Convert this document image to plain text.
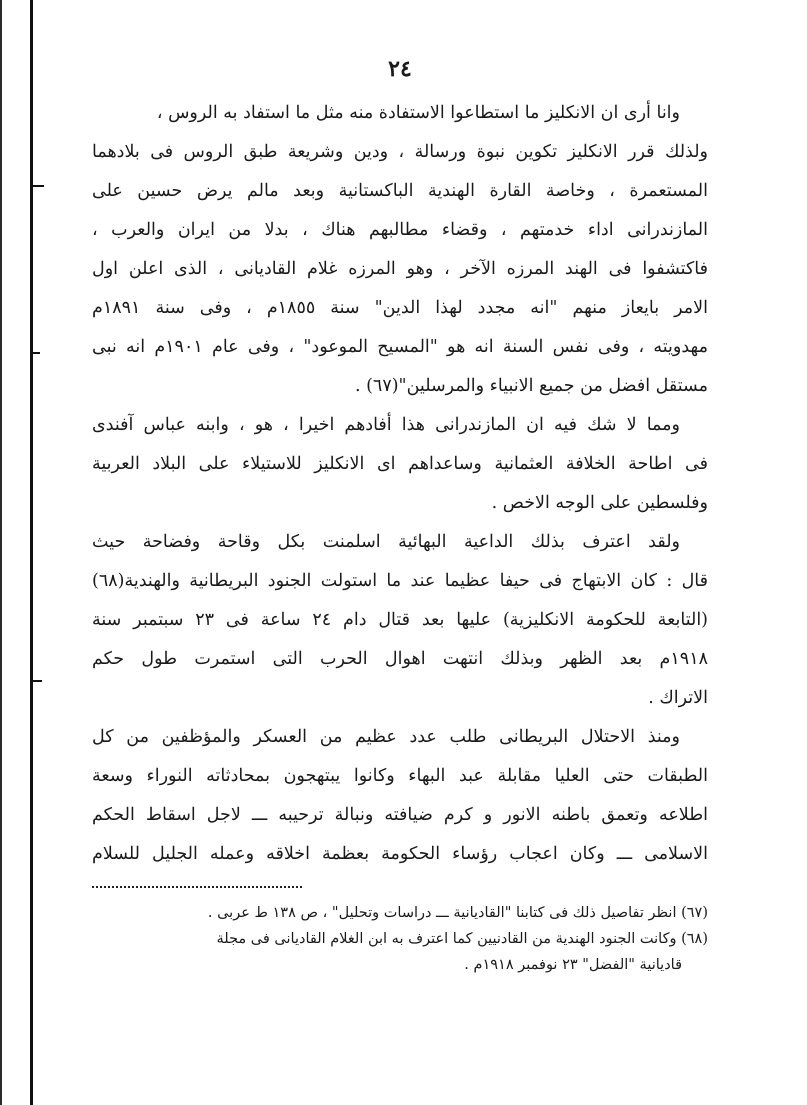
٢٤
وانا أرى ان الانكليز ما استطاعوا الاستفادة منه مثل ما استفاد به الروس ،
ولذلك قرر الانكليز تكوين نبوة ورسالة ، ودين وشريعة طبق الروس فى بلادهما
المستعمرة ، وخاصة القارة الهندية الباكستانية وبعد مالم يرض حسين على
المازندرانى اداء خدمتهم ، وقضاء مطالبهم هناك ، بدلا من ايران والعرب ،
فاكتشفوا فى الهند المرزه الآخر ، وهو المرزه غلام القاديانى ، الذى اعلن اول
الامر بايعاز منهم "انه مجدد لهذا الدين" سنة ١٨٥٥م ، وفى سنة ١٨٩١م
مهدويته ، وفى نفس السنة انه هو "المسيح الموعود" ، وفى عام ١٩٠١م انه نبى
مستقل افضل من جميع الانبياء والمرسلين"(٦٧) .
ومما لا شك فيه ان المازندرانى هذا أفادهم اخيرا ، هو ، وابنه عباس آفندى
فى اطاحة الخلافة العثمانية وساعداهم اى الانكليز للاستيلاء على البلاد العربية
وفلسطين على الوجه الاخص .
ولقد اعترف بذلك الداعية البهائية اسلمنت بكل وقاحة وفضاحة حيث
قال : كان الابتهاج فى حيفا عظيما عند ما استولت الجنود البريطانية والهندية(٦٨)
(التابعة للحكومة الانكليزية) عليها بعد قتال دام ٢٤ ساعة فى ٢٣ سبتمبر سنة
١٩١٨م بعد الظهر وبذلك انتهت اهوال الحرب التى استمرت طول حكم
الاتراك .
ومنذ الاحتلال البريطانى طلب عدد عظيم من العسكر والمؤظفين من كل
الطبقات حتى العليا مقابلة عبد البهاء وكانوا يبتهجون بمحادثاته النوراء وسعة
اطلاعه وتعمق باطنه الانور و كرم ضيافته ونبالة ترحيبه ـــ لاجل اسقاط الحكم
الاسلامى ـــ وكان اعجاب رؤساء الحكومة بعظمة اخلاقه وعمله الجليل للسلام
(٦٧) انظر تفاصيل ذلك فى كتابنا "القاديانية ـــ دراسات وتحليل" ، ص ١٣٨ ط عربى .
(٦٨) وكانت الجنود الهندية من القادنيين كما اعترف به ابن الغلام القاديانى فى مجلة
قاديانية "الفضل" ٢٣ نوفمبر ١٩١٨م .
